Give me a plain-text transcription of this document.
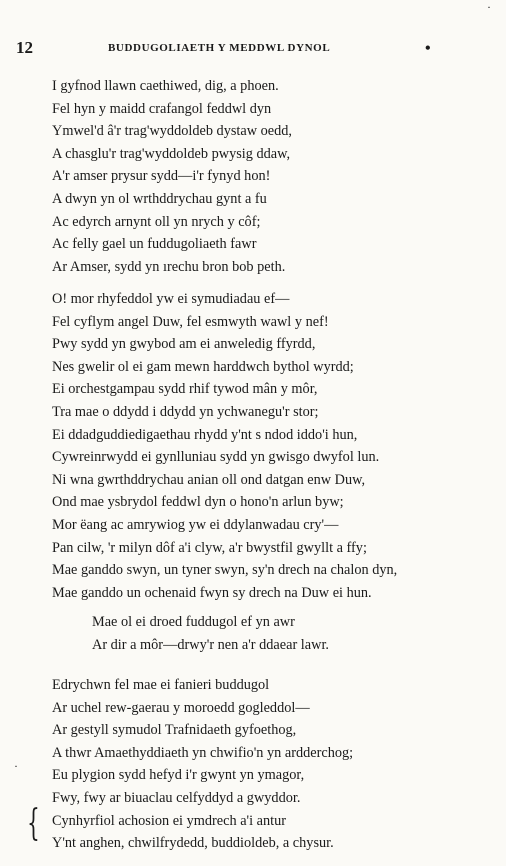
·
12	BUDDUGOLIAETH Y MEDDWL DYNOL	•
I gyfnod llawn caethiwed, dig, a phoen.
Fel hyn y maidd crafangol feddwl dyn
Ymwel'd â'r trag'wyddoldeb dystaw oedd,
A chasglu'r trag'wyddoldeb pwysig ddaw,
A'r amser prysur sydd—i'r fynyd hon!
A dwyn yn ol wrthddrychau gynt a fu
Ac edyrch arnynt oll yn nrych y côf;
Ac felly gael un fuddugoliaeth fawr
Ar Amser, sydd yn ırechu bron bob peth.
O! mor rhyfeddol yw ei symudiadau ef—
Fel cyflym angel Duw, fel esmwyth wawl y nef!
Pwy sydd yn gwybod am ei anweledig ffyrdd,
Nes gwelir ol ei gam mewn harddwch bythol wyrdd;
Ei orchestgampau sydd rhif tywod mân y môr,
Tra mae o ddydd i ddydd yn ychwanegu'r stor;
Ei ddadguddiedigaethau rhydd y'nt s ndod iddo'i hun,
Cywreinrwydd ei gynlluniau sydd yn gwisgo dwyfol lun.
Ni wna gwrthddrychau anian oll ond datgan enw Duw,
Ond mae ysbrydol feddwl dyn o hono'n arlun byw;
Mor ëang ac amrywiog yw ei ddylanwadau cry'—
Pan cilw, 'r milyn dôf a'i clyw, a'r bwystfil gwyllt a ffy;
Mae ganddo swyn, un tyner swyn, sy'n drech na chalon dyn,
Mae ganddo un ochenaid fwyn sy drech na Duw ei hun.
Mae ol ei droed fuddugol ef yn awr
Ar dir a môr—drwy'r nen a'r ddaear lawr.
Edrychwn fel mae ei fanieri buddugol
Ar uchel rew-gaerau y moroedd gogleddol—
Ar gestyll symudol Trafnidaeth gyfoethog,
A thwr Amaethyddiaeth yn chwifio'n yn ardderchog;
Eu plygion sydd hefyd i'r gwynt yn ymagor,
Fwy, fwy ar biuaclau celfyddyd a gwyddor.
Cynhyrfiol achosion ei ymdrech a'i antur
Y'nt anghen, chwilfrydedd, buddioldeb, a chysur.
·
{
